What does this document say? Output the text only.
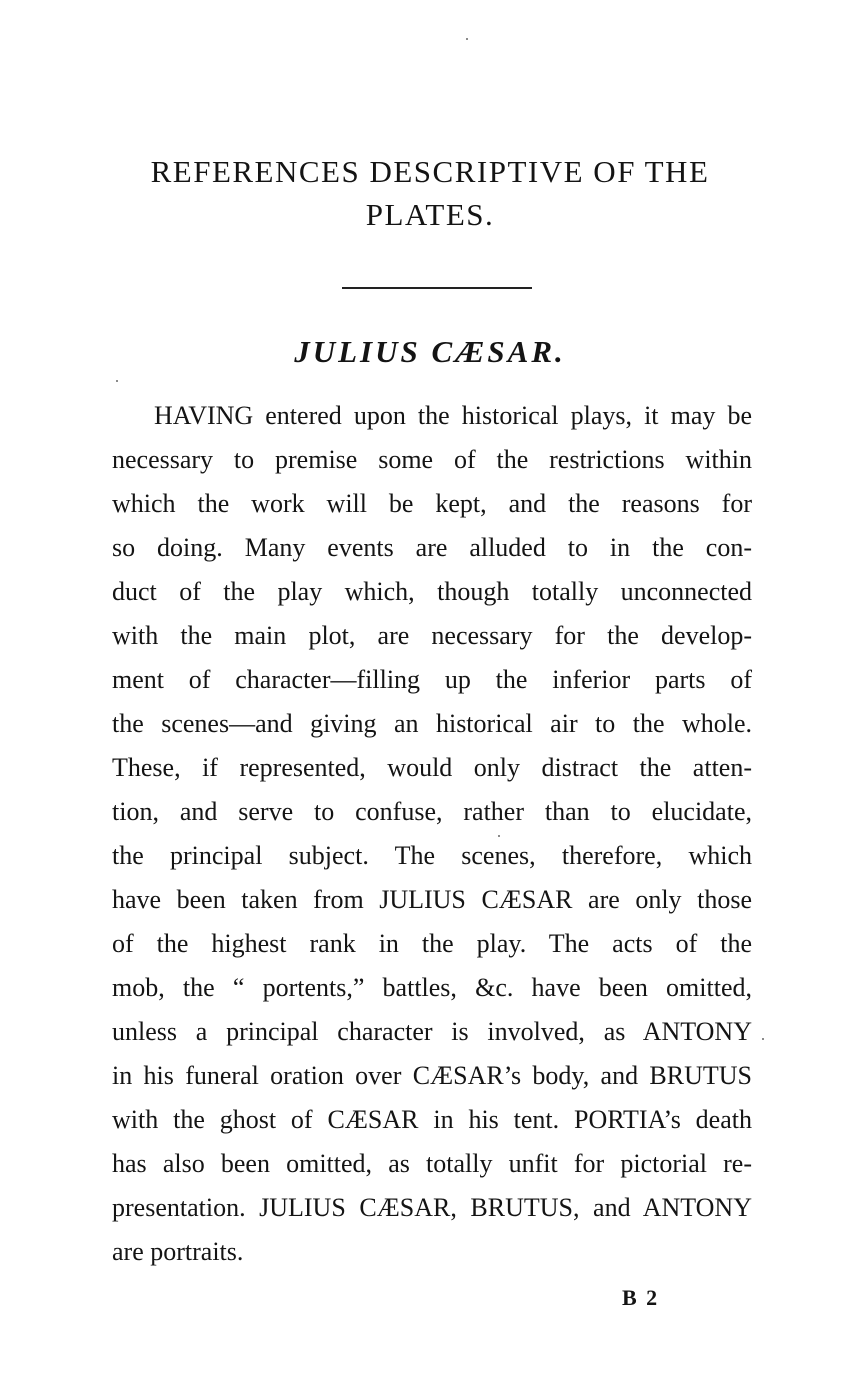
REFERENCES DESCRIPTIVE OF THE
PLATES.
JULIUS CÆSAR.
HAVING entered upon the historical plays, it may be
necessary to premise some of the restrictions within
which the work will be kept, and the reasons for
so doing. Many events are alluded to in the con-
duct of the play which, though totally unconnected
with the main plot, are necessary for the develop-
ment of character—filling up the inferior parts of
the scenes—and giving an historical air to the whole.
These, if represented, would only distract the atten-
tion, and serve to confuse, rather than to elucidate,
the principal subject. The scenes, therefore, which
have been taken from JULIUS CÆSAR are only those
of the highest rank in the play. The acts of the
mob, the “ portents,” battles, &c. have been omitted,
unless a principal character is involved, as ANTONY
in his funeral oration over CÆSAR’s body, and BRUTUS
with the ghost of CÆSAR in his tent. PORTIA’s death
has also been omitted, as totally unfit for pictorial re-
presentation. JULIUS CÆSAR, BRUTUS, and ANTONY
are portraits.
B 2
